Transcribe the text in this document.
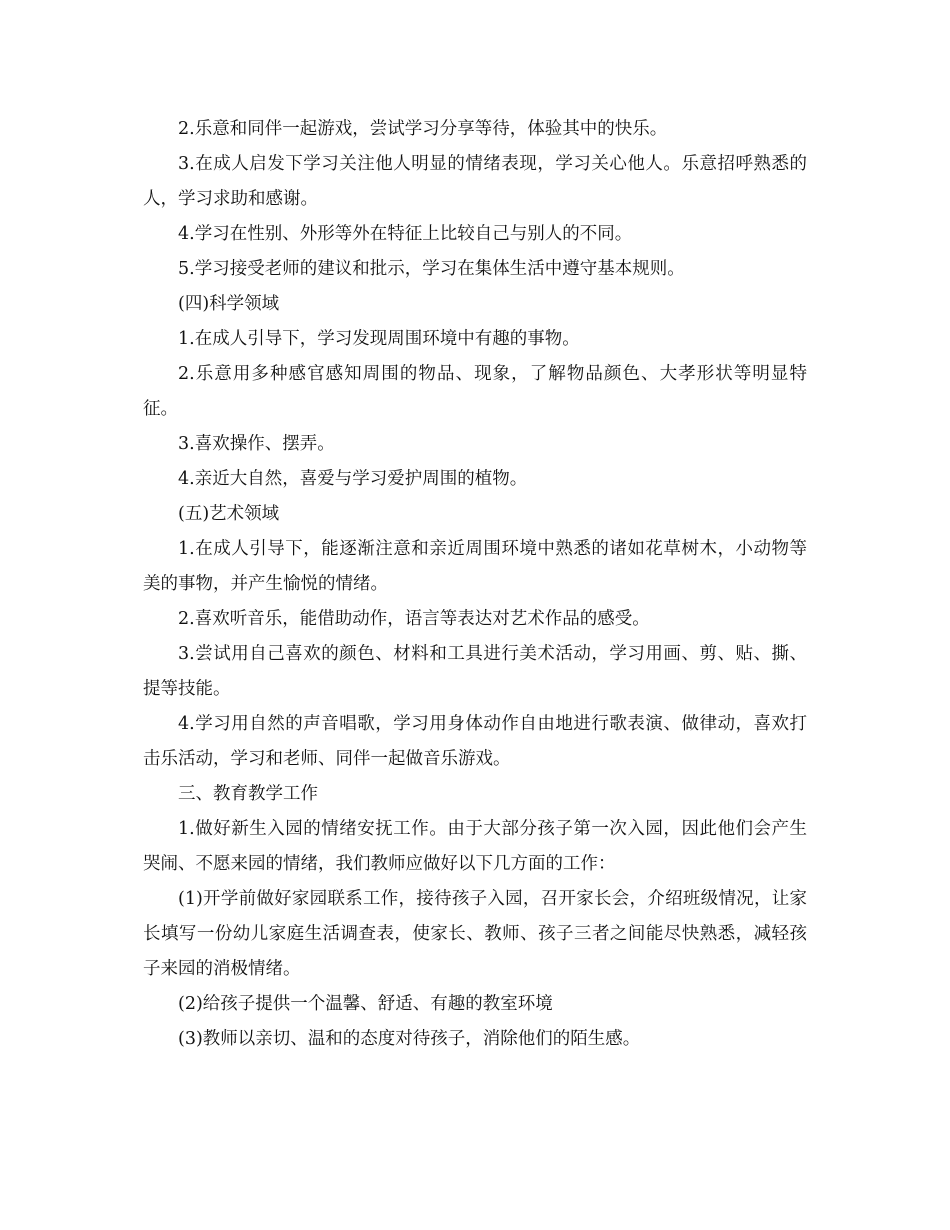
2.乐意和同伴一起游戏，尝试学习分享等待，体验其中的快乐。

3.在成人启发下学习关注他人明显的情绪表现，学习关心他人。乐意招呼熟悉的人，学习求助和感谢。

4.学习在性别、外形等外在特征上比较自己与别人的不同。

5.学习接受老师的建议和批示，学习在集体生活中遵守基本规则。

(四)科学领域

1.在成人引导下，学习发现周围环境中有趣的事物。

2.乐意用多种感官感知周围的物品、现象，了解物品颜色、大孝形状等明显特征。

3.喜欢操作、摆弄。

4.亲近大自然，喜爱与学习爱护周围的植物。

(五)艺术领域

1.在成人引导下，能逐渐注意和亲近周围环境中熟悉的诸如花草树木，小动物等美的事物，并产生愉悦的情绪。

2.喜欢听音乐，能借助动作，语言等表达对艺术作品的感受。

3.尝试用自己喜欢的颜色、材料和工具进行美术活动，学习用画、剪、贴、撕、提等技能。

4.学习用自然的声音唱歌，学习用身体动作自由地进行歌表演、做律动，喜欢打击乐活动，学习和老师、同伴一起做音乐游戏。

三、教育教学工作

1.做好新生入园的情绪安抚工作。由于大部分孩子第一次入园，因此他们会产生哭闹、不愿来园的情绪，我们教师应做好以下几方面的工作：

(1)开学前做好家园联系工作，接待孩子入园，召开家长会，介绍班级情况，让家长填写一份幼儿家庭生活调查表，使家长、教师、孩子三者之间能尽快熟悉，减轻孩子来园的消极情绪。

(2)给孩子提供一个温馨、舒适、有趣的教室环境

(3)教师以亲切、温和的态度对待孩子，消除他们的陌生感。
